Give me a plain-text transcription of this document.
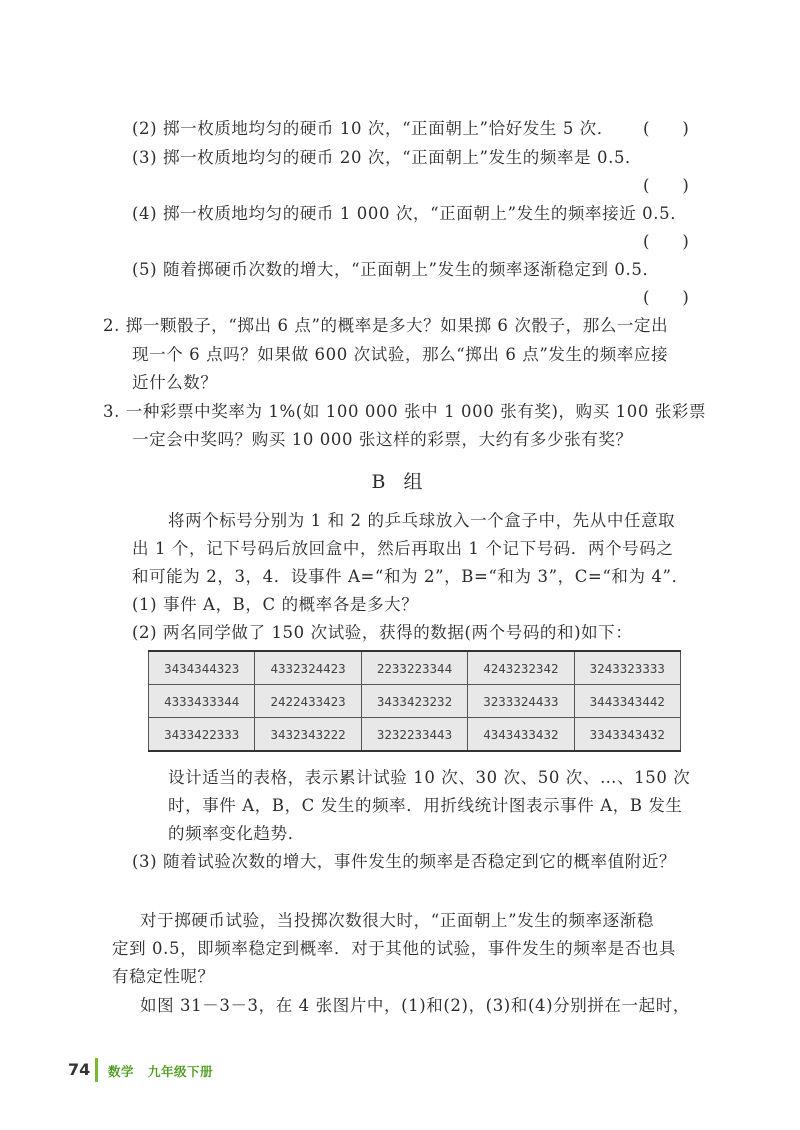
(2) 掷一枚质地均匀的硬币 10 次，“正面朝上”恰好发生 5 次． (　　)
(3) 掷一枚质地均匀的硬币 20 次，“正面朝上”发生的频率是 0.5．
(　　)
(4) 掷一枚质地均匀的硬币 1 000 次，“正面朝上”发生的频率接近 0.5．
(　　)
(5) 随着掷硬币次数的增大，“正面朝上”发生的频率逐渐稳定到 0.5．
(　　)
2. 掷一颗骰子，“掷出 6 点”的概率是多大？如果掷 6 次骰子，那么一定出
现一个 6 点吗？如果做 600 次试验，那么“掷出 6 点”发生的频率应接
近什么数？
3. 一种彩票中奖率为 1%(如 100 000 张中 1 000 张有奖)，购买 100 张彩票
一定会中奖吗？购买 10 000 张这样的彩票，大约有多少张有奖？
B 组
将两个标号分别为 1 和 2 的乒乓球放入一个盒子中，先从中任意取
出 1 个，记下号码后放回盒中，然后再取出 1 个记下号码．两个号码之
和可能为 2，3，4．设事件 A=“和为 2”，B=“和为 3”，C=“和为 4”．
(1) 事件 A，B，C 的概率各是多大？
(2) 两名同学做了 150 次试验，获得的数据(两个号码的和)如下：
3434344323	4332324423	2233223344	4243232342	3243323333
4333433344	2422433423	3433423232	3233324433	3443343442
3433422333	3432343222	3232233443	4343433432	3343343432
设计适当的表格，表示累计试验 10 次、30 次、50 次、…、150 次
时，事件 A，B，C 发生的频率．用折线统计图表示事件 A，B 发生
的频率变化趋势．
(3) 随着试验次数的增大，事件发生的频率是否稳定到它的概率值附近？
对于掷硬币试验，当投掷次数很大时，“正面朝上”发生的频率逐渐稳
定到 0.5，即频率稳定到概率．对于其他的试验，事件发生的频率是否也具
有稳定性呢？
如图 31－3－3，在 4 张图片中，(1)和(2)，(3)和(4)分别拼在一起时，
74 数学 九年级下册
